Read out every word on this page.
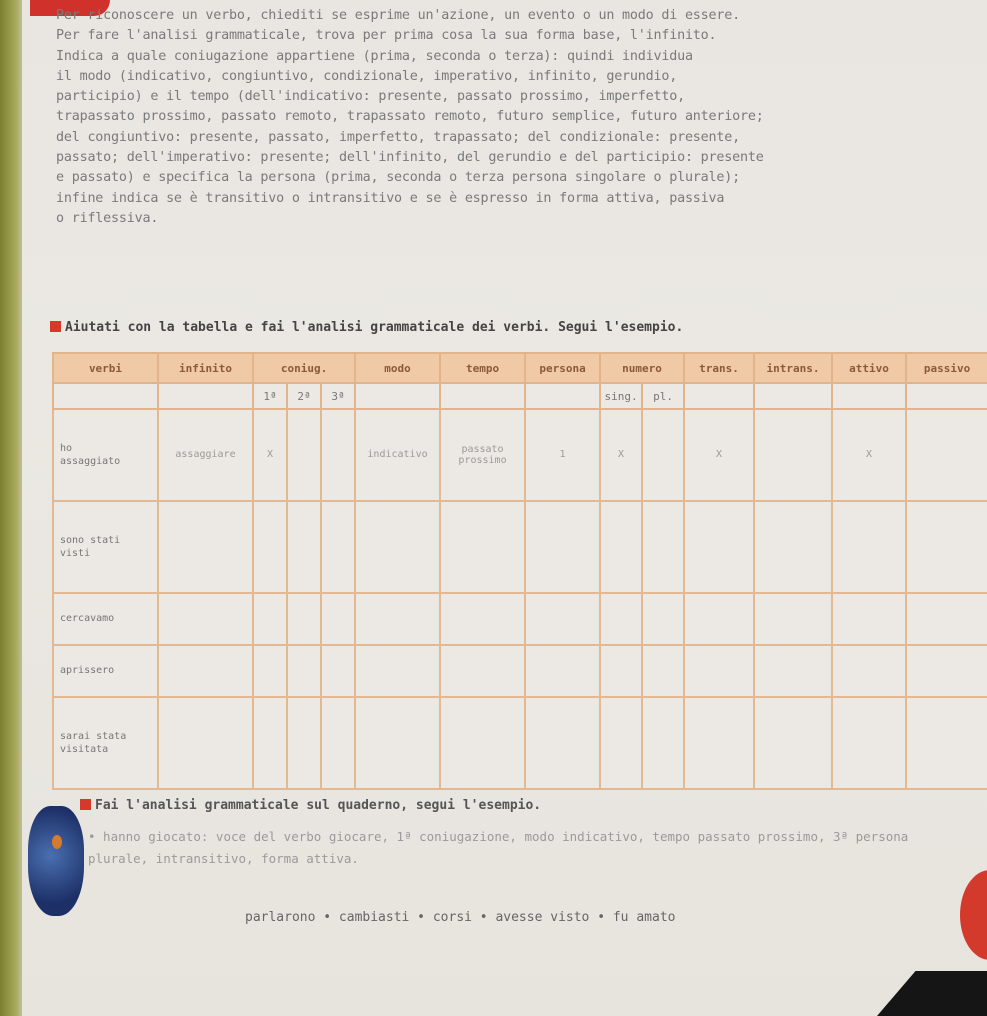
Per riconoscere un verbo, chiediti se esprime un'azione, un evento o un modo di essere.

Per fare l'analisi grammaticale, trova per prima cosa la sua forma base, l'infinito.

Indica a quale coniugazione appartiene (prima, seconda o terza): quindi individua

il modo (indicativo, congiuntivo, condizionale, imperativo, infinito, gerundio,

participio) e il tempo (dell'indicativo: presente, passato prossimo, imperfetto,

trapassato prossimo, passato remoto, trapassato remoto, futuro semplice, futuro anteriore;

del congiuntivo: presente, passato, imperfetto, trapassato; del condizionale: presente,

passato; dell'imperativo: presente; dell'infinito, del gerundio e del participio: presente

e passato) e specifica la persona (prima, seconda o terza persona singolare o plurale);

infine indica se è transitivo o intransitivo e se è espresso in forma attiva, passiva

o riflessiva.

Aiutati con la tabella e fai l'analisi grammaticale dei verbi. Segui l'esempio.
verbi	infinito	coniug.			modo	tempo	persona	numero		trans.	intrans.	attivo	passivo
		1ª	2ª	3ª				sing.	pl.				
ho
assaggiato	assaggiare	X			indicativo	passato prossimo	1	X		X		X	
sono stati
visti													
cercavamo													
aprissero													
sarai stata
visitata													
Fai l'analisi grammaticale sul quaderno, segui l'esempio.
• hanno giocato: voce del verbo giocare, 1ª coniugazione, modo indicativo, tempo passato prossimo, 3ª persona plurale, intransitivo, forma attiva.
parlarono • cambiasti • corsi • avesse visto • fu amato
